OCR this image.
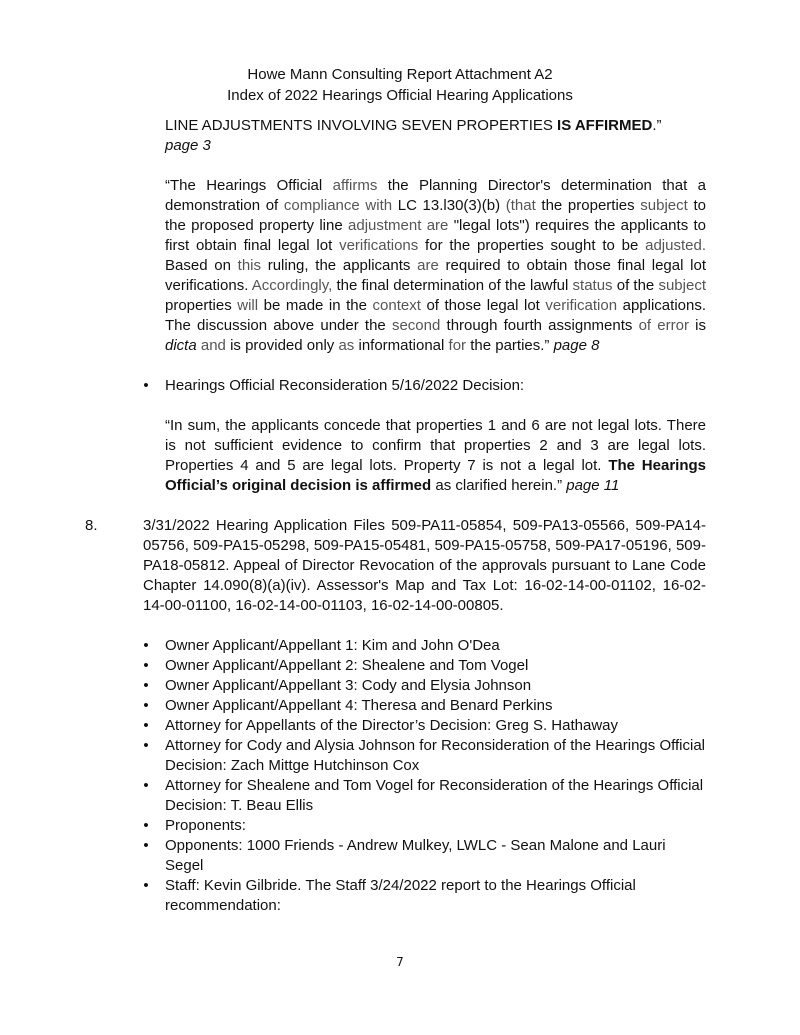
Howe Mann Consulting Report Attachment A2
Index of 2022 Hearings Official Hearing Applications

LINE ADJUSTMENTS INVOLVING SEVEN PROPERTIES IS AFFIRMED.”

page 3

“The Hearings Official affirms the Planning Director's determination that a demonstration of compliance with LC 13.l30(3)(b) (that the properties subject to the proposed property line adjustment are "legal lots") requires the applicants to first obtain final legal lot verifications for the properties sought to be adjusted. Based on this ruling, the applicants are required to obtain those final legal lot verifications. Accordingly, the final determination of the lawful status of the subject properties will be made in the context of those legal lot verification applications. The discussion above under the second through fourth assignments of error is dicta and is provided only as informational for the parties.” page 8

• Hearings Official Reconsideration 5/16/2022 Decision:

“In sum, the applicants concede that properties 1 and 6 are not legal lots. There is not sufficient evidence to confirm that properties 2 and 3 are legal lots. Properties 4 and 5 are legal lots. Property 7 is not a legal lot. The Hearings Official’s original decision is affirmed as clarified herein.” page 11

8.	3/31/2022 Hearing Application Files 509-PA11-05854, 509-PA13-05566, 509-PA14-05756, 509-PA15-05298, 509-PA15-05481, 509-PA15-05758, 509-PA17-05196, 509-PA18-05812. Appeal of Director Revocation of the approvals pursuant to Lane Code Chapter 14.090(8)(a)(iv). Assessor's Map and Tax Lot: 16-02-14-00-01102, 16-02-14-00-01100, 16-02-14-00-01103, 16-02-14-00-00805.

• Owner Applicant/Appellant 1: Kim and John O'Dea
• Owner Applicant/Appellant 2: Shealene and Tom Vogel
• Owner Applicant/Appellant 3: Cody and Elysia Johnson
• Owner Applicant/Appellant 4: Theresa and Benard Perkins
• Attorney for Appellants of the Director’s Decision: Greg S. Hathaway
• Attorney for Cody and Alysia Johnson for Reconsideration of the Hearings Official Decision: Zach Mittge Hutchinson Cox
• Attorney for Shealene and Tom Vogel for Reconsideration of the Hearings Official Decision: T. Beau Ellis
• Proponents:
• Opponents: 1000 Friends - Andrew Mulkey, LWLC - Sean Malone and Lauri Segel
• Staff: Kevin Gilbride. The Staff 3/24/2022 report to the Hearings Official recommendation:
7
